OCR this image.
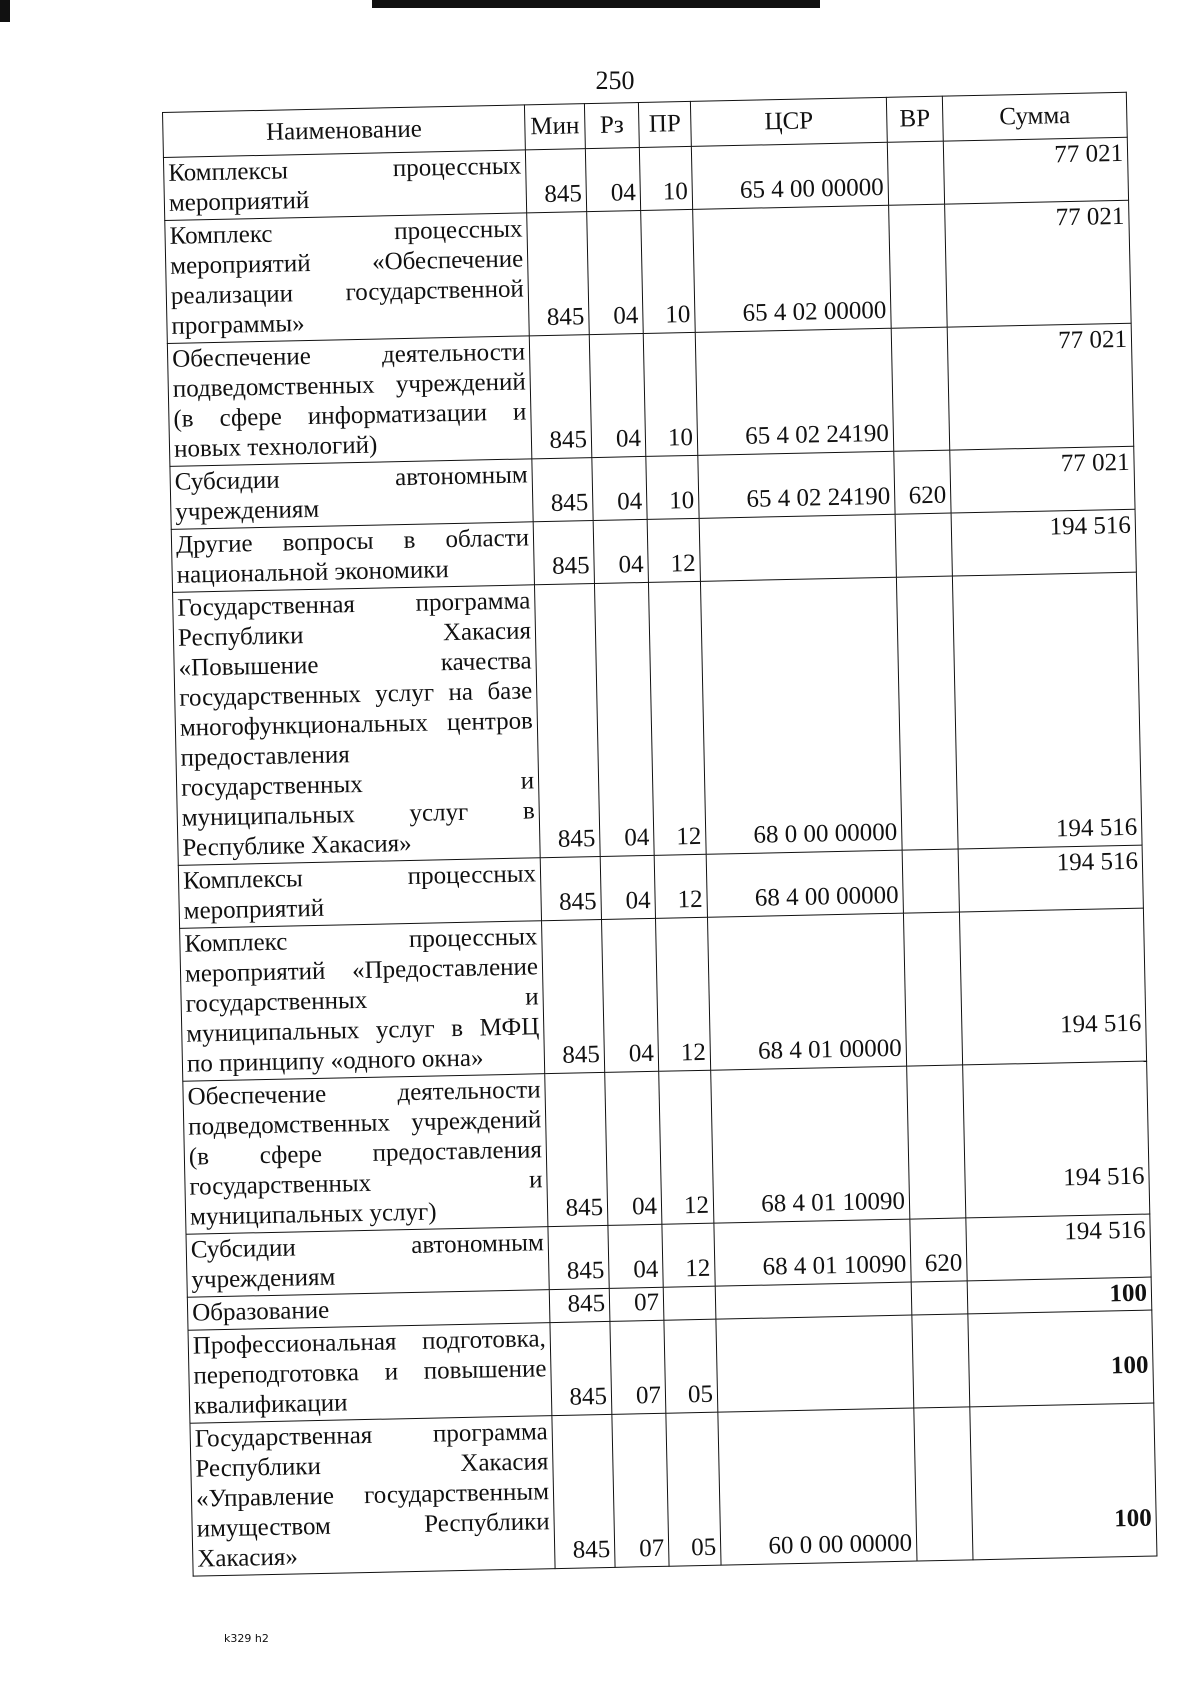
250
Наименование	Мин	Рз	ПР	ЦСР	ВР	Сумма
Комплексы процессных мероприятий	845	04	10	65 4 00 00000		77 021
Комплекс процессных мероприятий «Обеспечение реализации государственной программы»	845	04	10	65 4 02 00000		77 021
Обеспечение деятельности подведомственных учреждений (в сфере информатизации и новых технологий)	845	04	10	65 4 02 24190		77 021
Субсидии автономным учреждениям	845	04	10	65 4 02 24190	620	77 021
Другие вопросы в области национальной экономики	845	04	12			194 516
Государственная программа Республики Хакасия «Повышение качества государственных услуг на базе многофункциональных центров предоставления государственных и муниципальных услуг в Республике Хакасия»	845	04	12	68 0 00 00000		194 516
Комплексы процессных мероприятий	845	04	12	68 4 00 00000		194 516
Комплекс процессных мероприятий «Предоставление государственных и муниципальных услуг в МФЦ по принципу «одного окна»	845	04	12	68 4 01 00000		194 516
Обеспечение деятельности подведомственных учреждений (в сфере предоставления государственных и муниципальных услуг)	845	04	12	68 4 01 10090		194 516
Субсидии автономным учреждениям	845	04	12	68 4 01 10090	620	194 516
Образование	845	07				100
Профессиональная подготовка, переподготовка и повышение квалификации	845	07	05			100
Государственная программа Республики Хакасия «Управление государственным имуществом Республики Хакасия»	845	07	05	60 0 00 00000		100
k329 h2
